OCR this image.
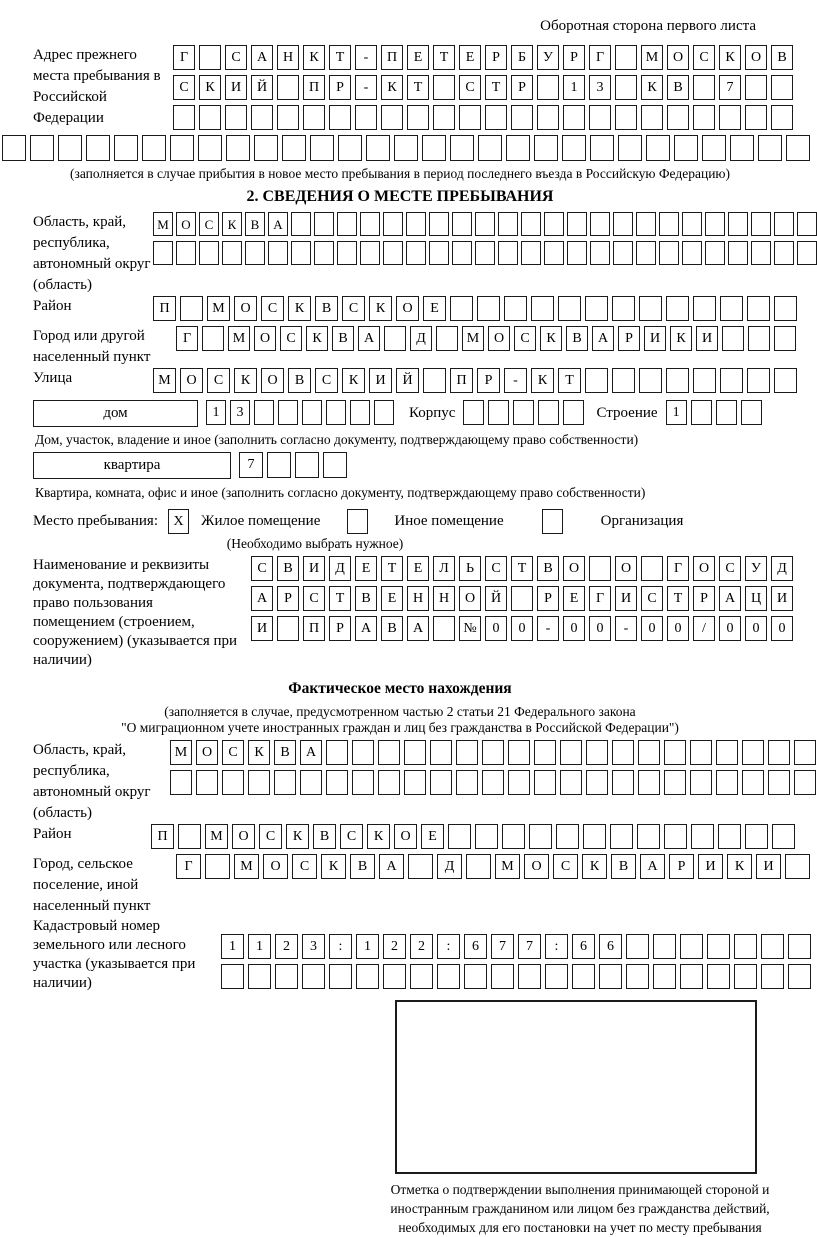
Оборотная сторона первого листа
Адрес прежнего места пребывания в Российской Федерации
Г	С	А	Н	К	Т	-	П	Е	Т	Е	Р	Б	У	Р	Г	М	О	С	К	О	В
С	К	И	Й	П	Р	-	К	Т	С	Т	Р	1	3	К	В	7
(заполняется в случае прибытия в новое место пребывания в период последнего въезда в Российскую Федерацию)
2. СВЕДЕНИЯ О МЕСТЕ ПРЕБЫВАНИЯ
Область, край, республика, автономный округ (область)
М О	С	К	В	А
Район	П	М	О	С	К	В	С	К	О	Е
Город или другой населенный пункт
Г	М	О	С	К	В	А	Д	М	О	С	К	В	А	Р	И	К	И
Улица	М	О	С	К	О	В	С	К	И	Й	П	Р	-	К	Т
дом	1	3	Корпус	Строение	1
Дом, участок, владение и иное (заполнить согласно документу, подтверждающему право собственности)
квартира	7
Квартира, комната, офис и иное (заполнить согласно документу, подтверждающему право собственности)
Место пребывания:	X	Жилое помещение	Иное помещение	Организация
(Необходимо выбрать нужное)
Наименование и реквизиты документа, подтверждающего право пользования помещением (строением, сооружением) (указывается при наличии)
С	В	И	Д	Е	Т	Е	Л	Ь	С	Т	В	О	О	Г	О	С	У	Д
А	Р	С	Т	В	Е	Н	Н	О	Й	Р	Е	Г	И	С	Т	Р	А	Ц	И
И	П	Р	А	В	А	№	0	0	-	0	0	-	0	0	/	0	0	0
Фактическое место нахождения
(заполняется в случае, предусмотренном частью 2 статьи 21 Федерального закона
"О миграционном учете иностранных граждан и лиц без гражданства в Российской Федерации")
Область, край, республика, автономный округ (область)
М	О	С	К	В	А
Район	П	М	О	С	К	В	С	К	О	Е
Город, сельское поселение, иной населенный пункт
Г	М	О	С	К	В	А	Д	М	О	С	К	В	А	Р	И	К	И
Кадастровый номер земельного или лесного участка (указывается при наличии)
1	1	2	3	:	1	2	2	:	6	7	7	:	6	6
Отметка о подтверждении выполнения принимающей стороной и иностранным гражданином или лицом без гражданства действий, необходимых для его постановки на учет по месту пребывания
